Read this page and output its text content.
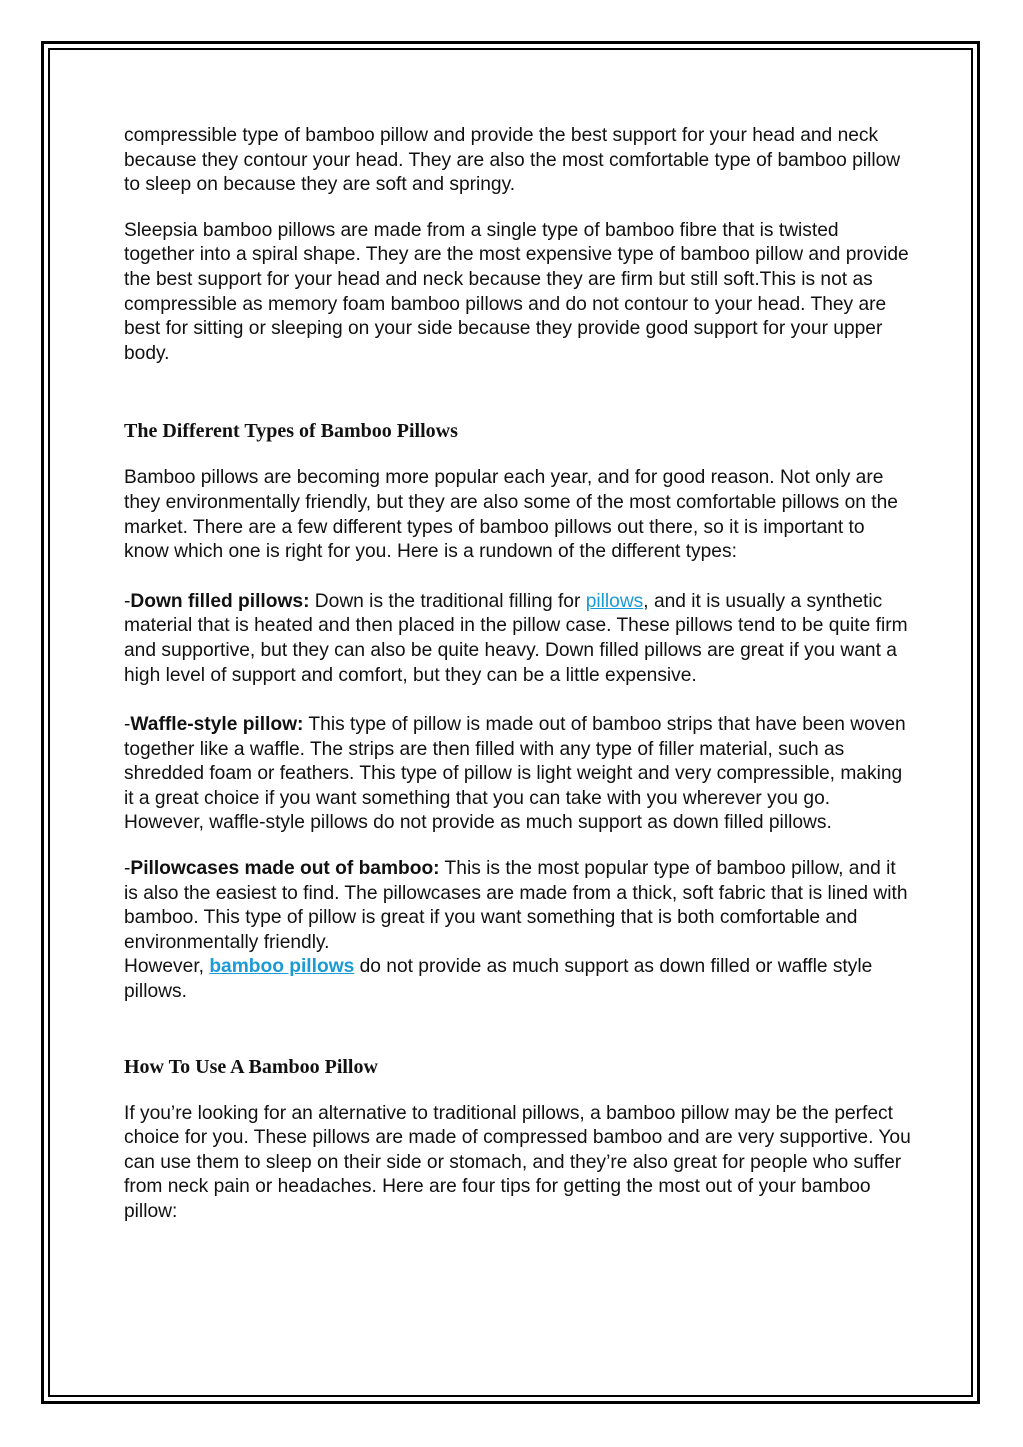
compressible type of bamboo pillow and provide the best support for your head and neck because they contour your head. They are also the most comfortable type of bamboo pillow to sleep on because they are soft and springy.

Sleepsia bamboo pillows are made from a single type of bamboo fibre that is twisted together into a spiral shape. They are the most expensive type of bamboo pillow and provide the best support for your head and neck because they are firm but still soft.This is not as compressible as memory foam bamboo pillows and do not contour to your head. They are best for sitting or sleeping on your side because they provide good support for your upper body.

The Different Types of Bamboo Pillows

Bamboo pillows are becoming more popular each year, and for good reason. Not only are they environmentally friendly, but they are also some of the most comfortable pillows on the market. There are a few different types of bamboo pillows out there, so it is important to know which one is right for you. Here is a rundown of the different types:

-Down filled pillows: Down is the traditional filling for pillows, and it is usually a synthetic material that is heated and then placed in the pillow case. These pillows tend to be quite firm and supportive, but they can also be quite heavy. Down filled pillows are great if you want a high level of support and comfort, but they can be a little expensive.

-Waffle-style pillow: This type of pillow is made out of bamboo strips that have been woven together like a waffle. The strips are then filled with any type of filler material, such as shredded foam or feathers. This type of pillow is light weight and very compressible, making it a great choice if you want something that you can take with you wherever you go. However, waffle-style pillows do not provide as much support as down filled pillows.

-Pillowcases made out of bamboo: This is the most popular type of bamboo pillow, and it is also the easiest to find. The pillowcases are made from a thick, soft fabric that is lined with bamboo. This type of pillow is great if you want something that is both comfortable and environmentally friendly.
However, bamboo pillows do not provide as much support as down filled or waffle style pillows.

How To Use A Bamboo Pillow

If you’re looking for an alternative to traditional pillows, a bamboo pillow may be the perfect choice for you. These pillows are made of compressed bamboo and are very supportive. You can use them to sleep on their side or stomach, and they’re also great for people who suffer from neck pain or headaches. Here are four tips for getting the most out of your bamboo pillow:
